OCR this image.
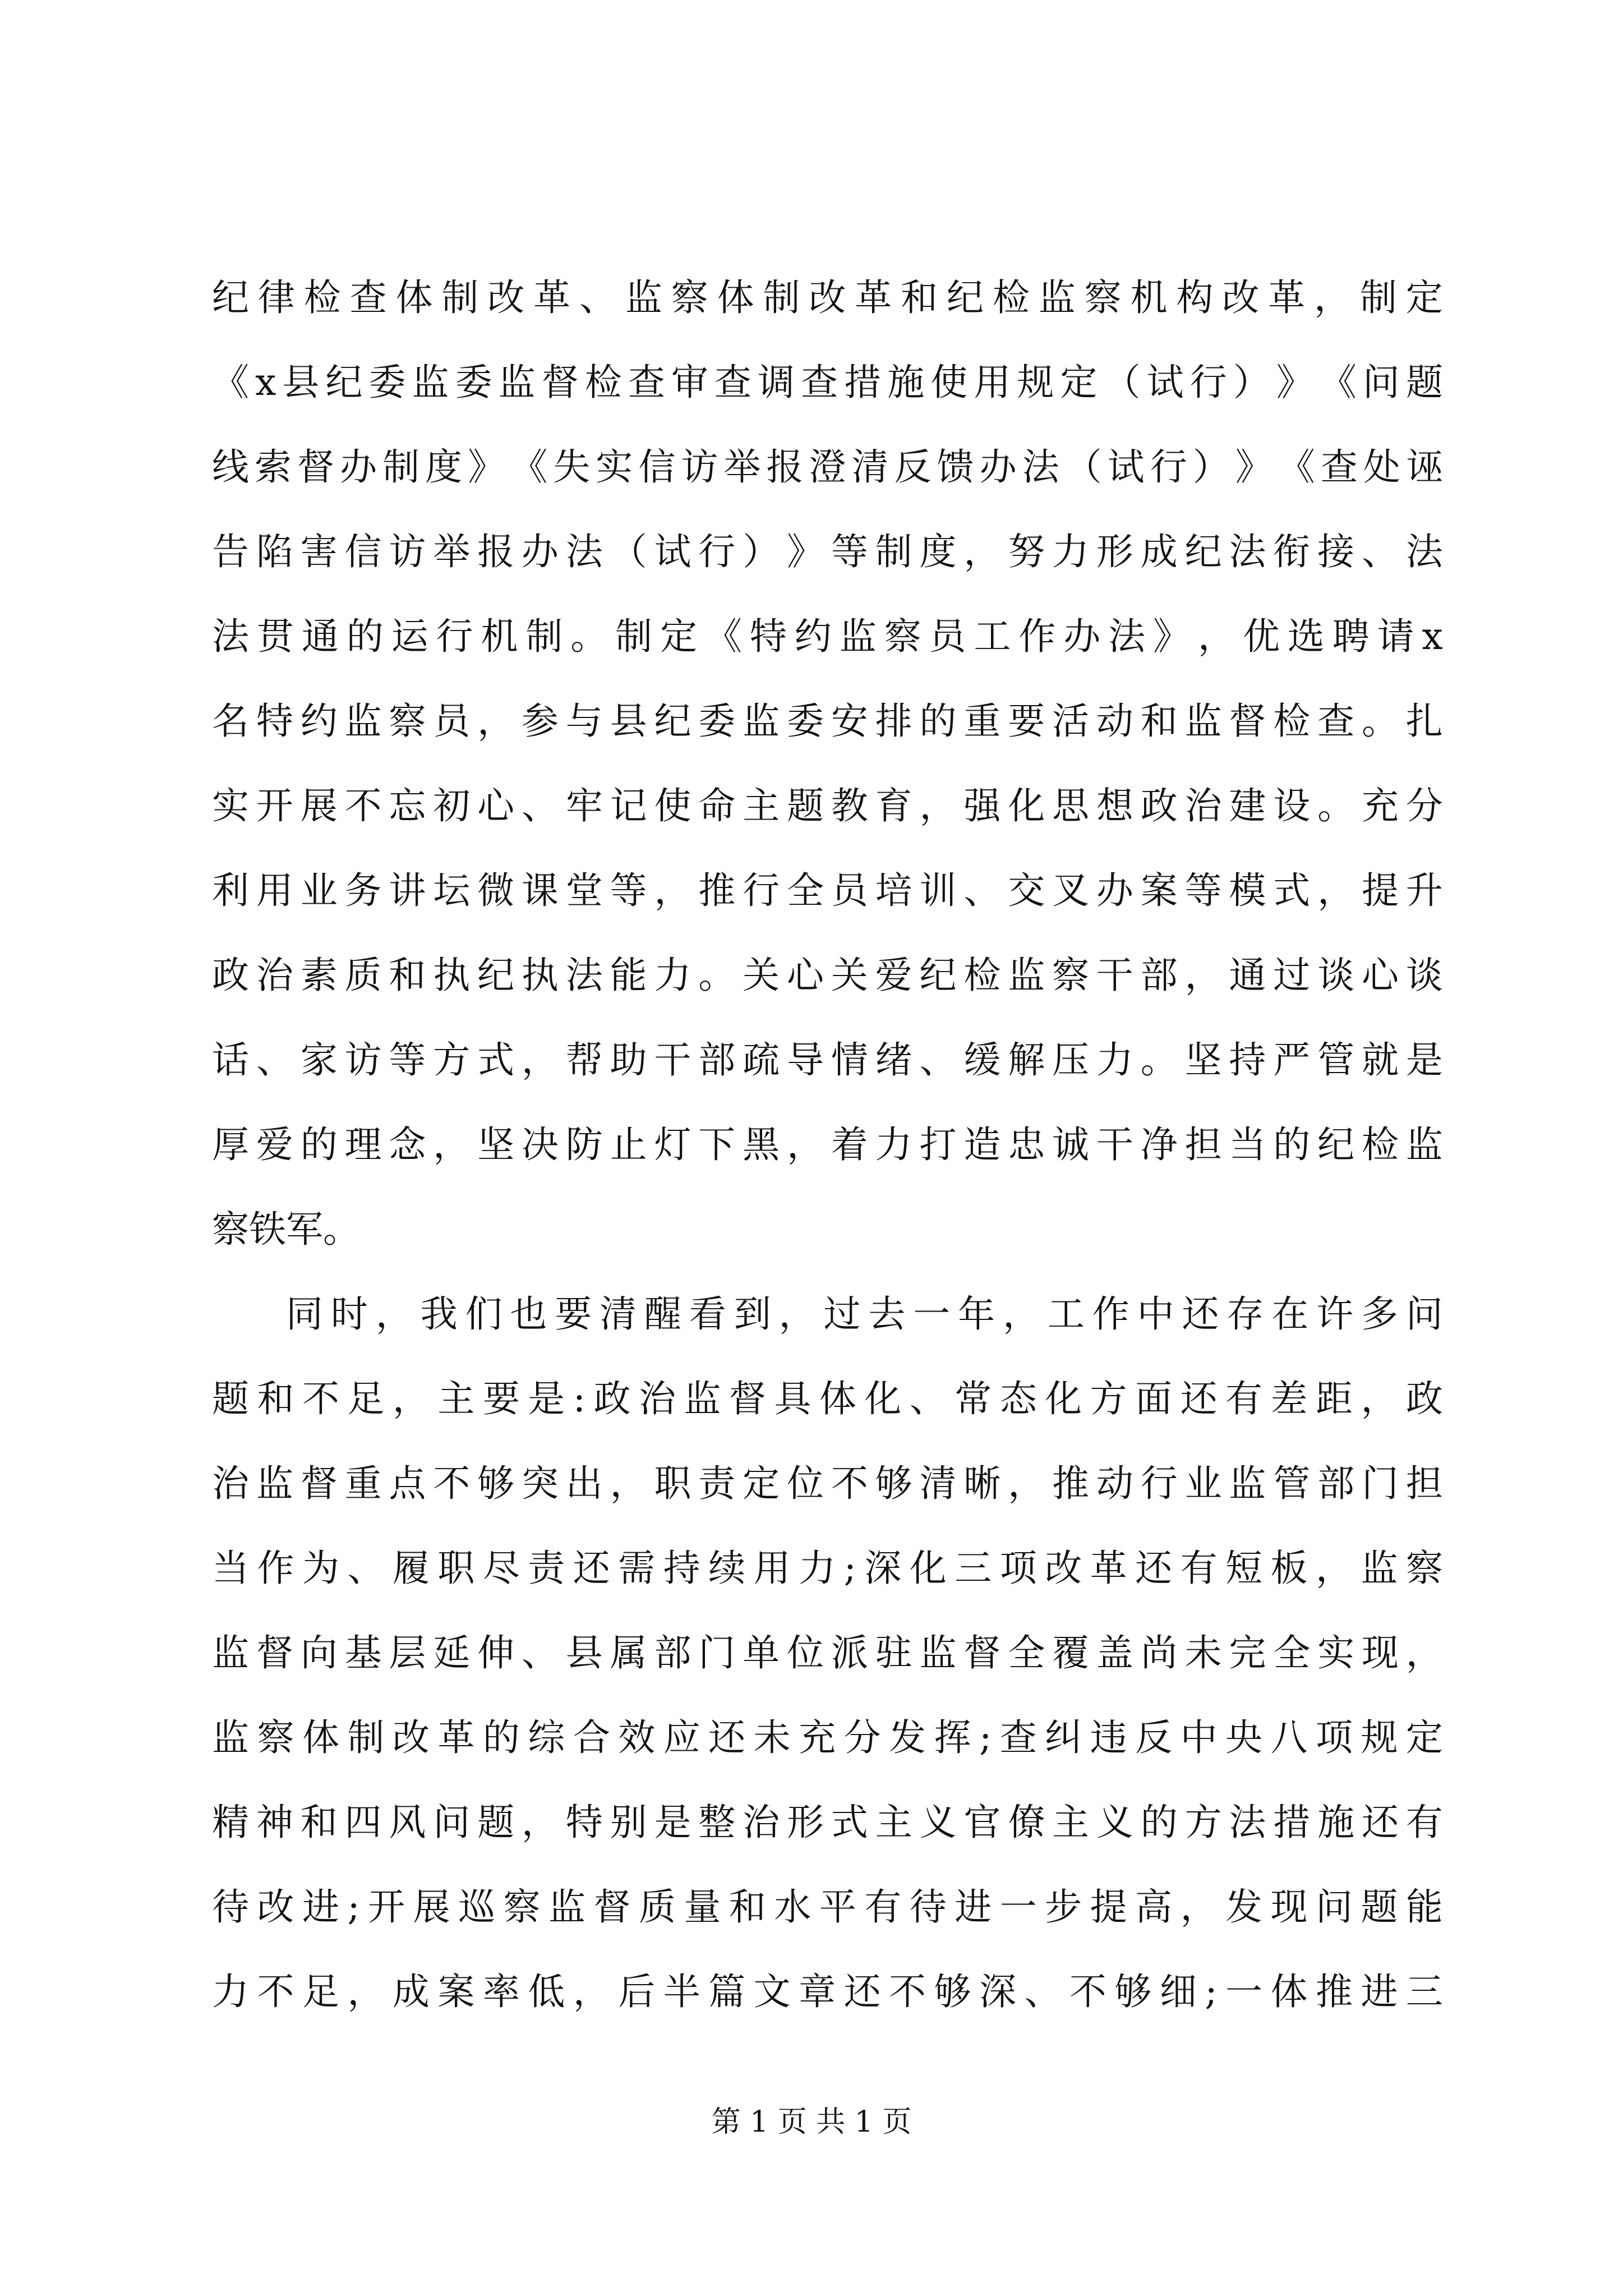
纪 律 检 查 体 制 改 革 、 监 察 体 制 改 革 和 纪 检 监 察 机 构 改 革 ， 制 定
《 x 县 纪 委 监 委 监 督 检 查 审 查 调 查 措 施 使 用 规 定 （ 试 行 ） 》 《 问 题
线 索 督 办 制 度 》 《 失 实 信 访 举 报 澄 清 反 馈 办 法 （ 试 行 ） 》 《 查 处 诬
告 陷 害 信 访 举 报 办 法 （ 试 行 ） 》 等 制 度 ， 努 力 形 成 纪 法 衔 接 、 法
法 贯 通 的 运 行 机 制 。 制 定 《 特 约 监 察 员 工 作 办 法 》 ， 优 选 聘 请 x
名 特 约 监 察 员 ， 参 与 县 纪 委 监 委 安 排 的 重 要 活 动 和 监 督 检 查 。 扎
实 开 展 不 忘 初 心 、 牢 记 使 命 主 题 教 育 ， 强 化 思 想 政 治 建 设 。 充 分
利 用 业 务 讲 坛 微 课 堂 等 ， 推 行 全 员 培 训 、 交 叉 办 案 等 模 式 ， 提 升
政 治 素 质 和 执 纪 执 法 能 力 。 关 心 关 爱 纪 检 监 察 干 部 ， 通 过 谈 心 谈
话 、 家 访 等 方 式 ， 帮 助 干 部 疏 导 情 绪 、 缓 解 压 力 。 坚 持 严 管 就 是
厚 爱 的 理 念 ， 坚 决 防 止 灯 下 黑 ， 着 力 打 造 忠 诚 干 净 担 当 的 纪 检 监
察铁军。
同 时 ， 我 们 也 要 清 醒 看 到 ， 过 去 一 年 ， 工 作 中 还 存 在 许 多 问
题 和 不 足 ， 主 要 是 : 政 治 监 督 具 体 化 、 常 态 化 方 面 还 有 差 距 ， 政
治 监 督 重 点 不 够 突 出 ， 职 责 定 位 不 够 清 晰 ， 推 动 行 业 监 管 部 门 担
当 作 为 、 履 职 尽 责 还 需 持 续 用 力 ; 深 化 三 项 改 革 还 有 短 板 ， 监 察
监 督 向 基 层 延 伸 、 县 属 部 门 单 位 派 驻 监 督 全 覆 盖 尚 未 完 全 实 现 ，
监 察 体 制 改 革 的 综 合 效 应 还 未 充 分 发 挥 ; 查 纠 违 反 中 央 八 项 规 定
精 神 和 四 风 问 题 ， 特 别 是 整 治 形 式 主 义 官 僚 主 义 的 方 法 措 施 还 有
待 改 进 ; 开 展 巡 察 监 督 质 量 和 水 平 有 待 进 一 步 提 高 ， 发 现 问 题 能
力 不 足 ， 成 案 率 低 ， 后 半 篇 文 章 还 不 够 深 、 不 够 细 ; 一 体 推 进 三
第 1 页 共 1 页
